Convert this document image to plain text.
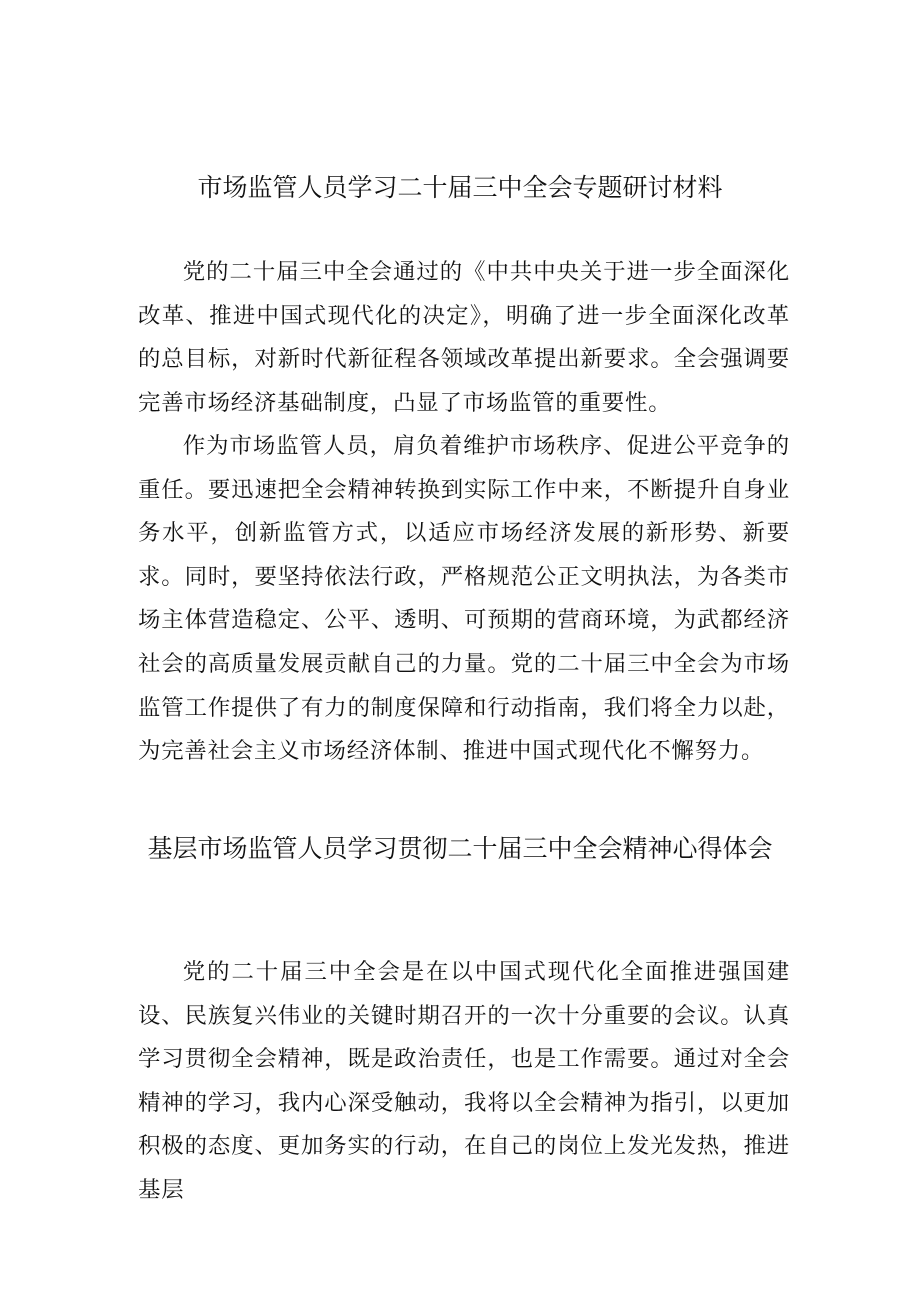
市场监管人员学习二十届三中全会专题研讨材料

党的二十届三中全会通过的《中共中央关于进一步全面深化改革、推进中国式现代化的决定》，明确了进一步全面深化改革的总目标，对新时代新征程各领域改革提出新要求。全会强调要完善市场经济基础制度，凸显了市场监管的重要性。

作为市场监管人员，肩负着维护市场秩序、促进公平竞争的重任。要迅速把全会精神转换到实际工作中来，不断提升自身业务水平，创新监管方式，以适应市场经济发展的新形势、新要求。同时，要坚持依法行政，严格规范公正文明执法，为各类市场主体营造稳定、公平、透明、可预期的营商环境，为武都经济社会的高质量发展贡献自己的力量。党的二十届三中全会为市场监管工作提供了有力的制度保障和行动指南，我们将全力以赴，为完善社会主义市场经济体制、推进中国式现代化不懈努力。

基层市场监管人员学习贯彻二十届三中全会精神心得体会

党的二十届三中全会是在以中国式现代化全面推进强国建设、民族复兴伟业的关键时期召开的一次十分重要的会议。认真学习贯彻全会精神，既是政治责任，也是工作需要。通过对全会精神的学习，我内心深受触动，我将以全会精神为指引，以更加积极的态度、更加务实的行动，在自己的岗位上发光发热，推进基层
